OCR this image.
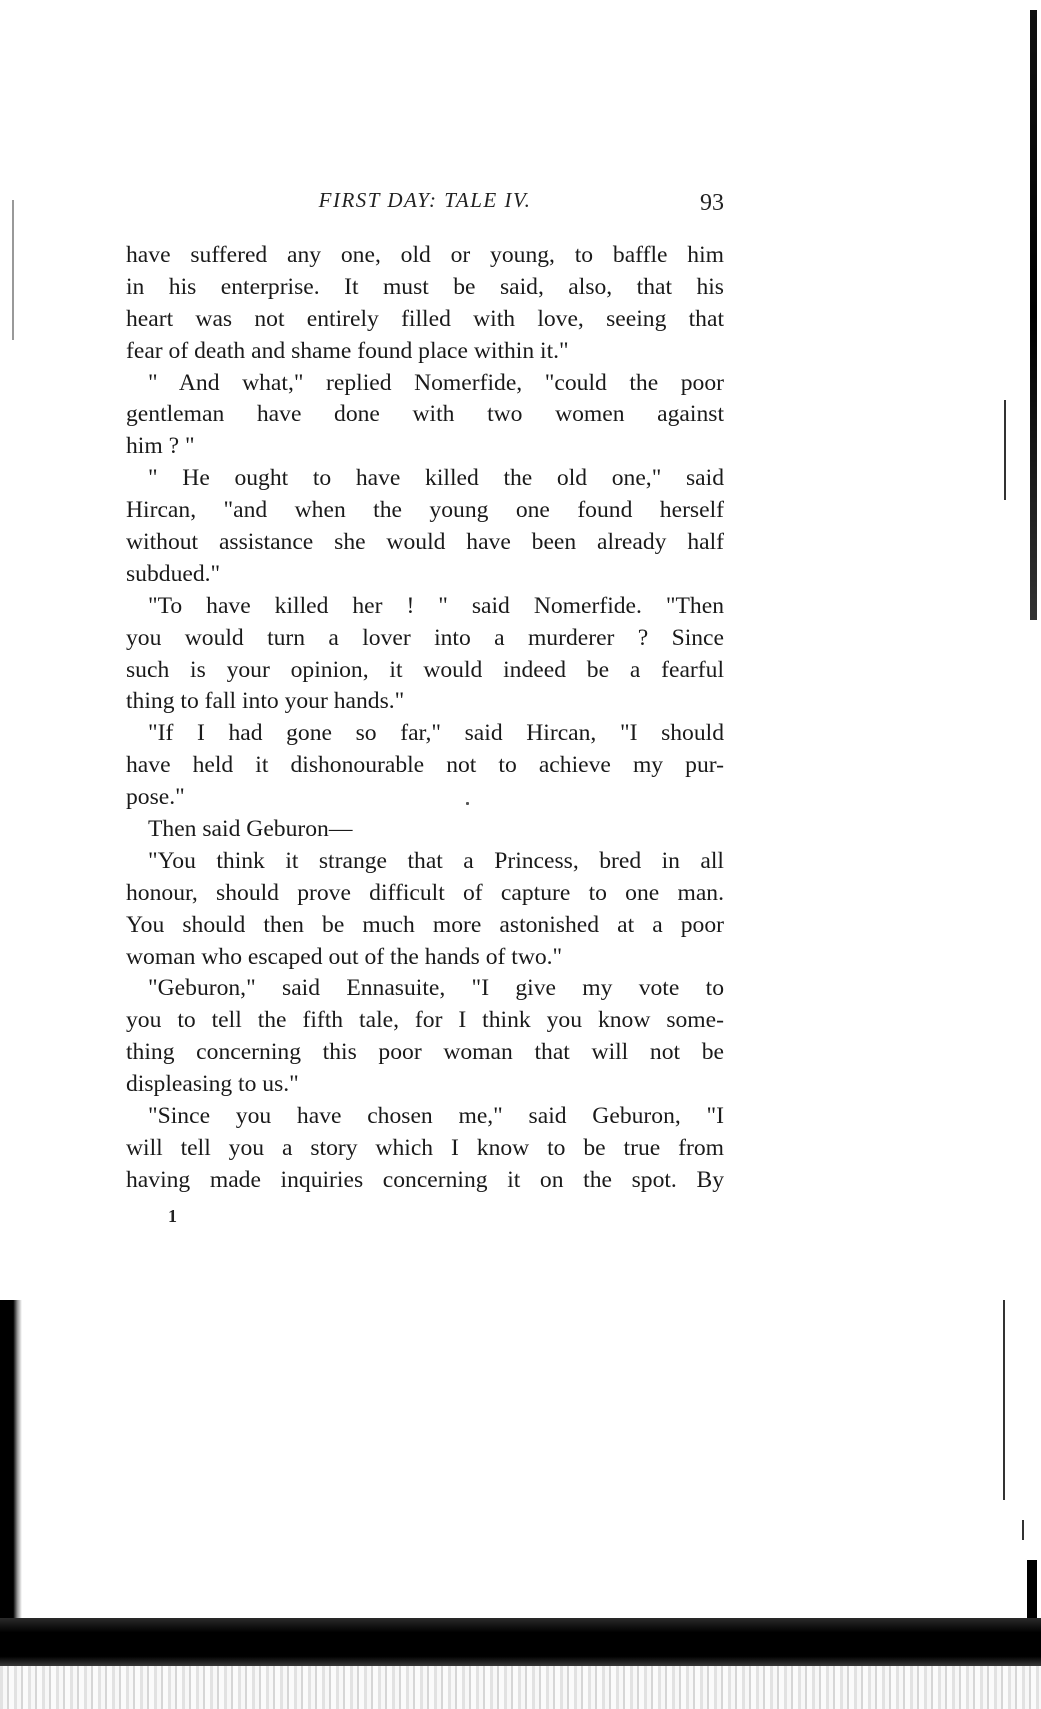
FIRST DAY: TALE IV.	93
have suffered any one, old or young, to baffle him
in his enterprise. It must be said, also, that his
heart was not entirely filled with love, seeing that
fear of death and shame found place within it."
" And what," replied Nomerfide, "could the poor
gentleman have done with two women against
him ? "
" He ought to have killed the old one," said
Hircan, "and when the young one found herself
without assistance she would have been already half
subdued."
"To have killed her ! " said Nomerfide. "Then
you would turn a lover into a murderer ? Since
such is your opinion, it would indeed be a fearful
thing to fall into your hands."
"If I had gone so far," said Hircan, "I should
have held it dishonourable not to achieve my pur-
pose."
Then said Geburon—
"You think it strange that a Princess, bred in all
honour, should prove difficult of capture to one man.
You should then be much more astonished at a poor
woman who escaped out of the hands of two."
"Geburon," said Ennasuite, "I give my vote to
you to tell the fifth tale, for I think you know some-
thing concerning this poor woman that will not be
displeasing to us."
"Since you have chosen me," said Geburon, "I
will tell you a story which I know to be true from
having made inquiries concerning it on the spot. By
1
